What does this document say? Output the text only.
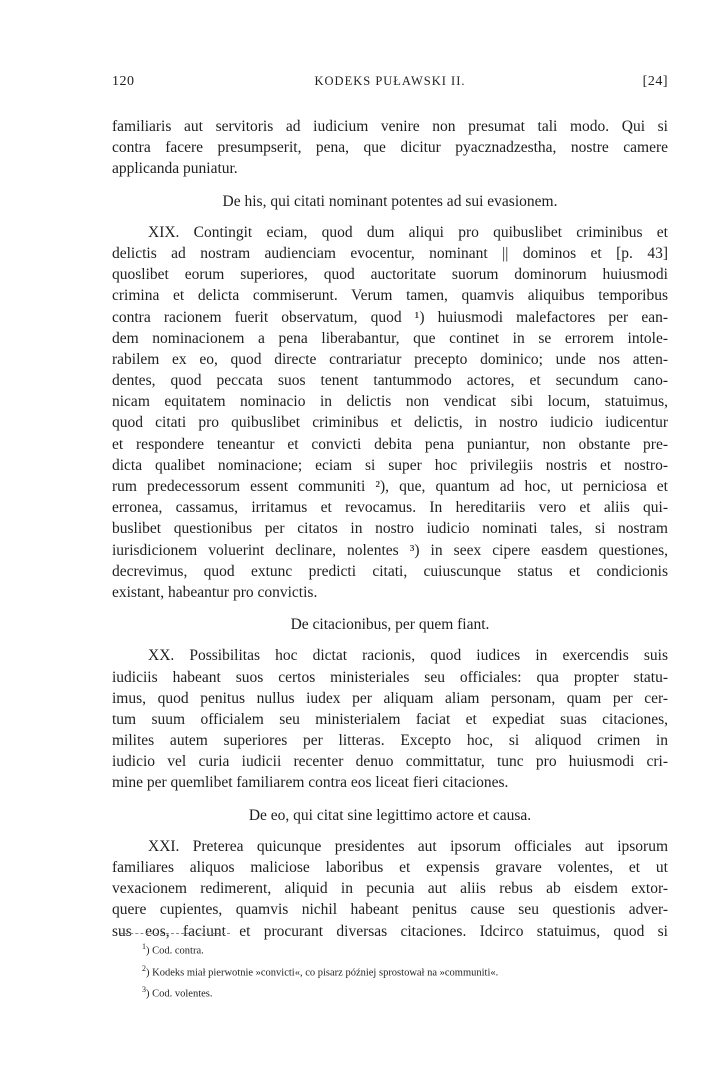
120	KODEKS PUŁAWSKI II.	[24]
familiaris aut servitoris ad iudicium venire non presumat tali modo. Qui si
contra facere presumpserit, pena, que dicitur pyacznadzestha, nostre camere
applicanda puniatur.
De his, qui citati nominant potentes ad sui evasionem.
XIX. Contingit eciam, quod dum aliqui pro quibuslibet criminibus et
delictis ad nostram audienciam evocentur, nominant || dominos et [p. 43]
quoslibet eorum superiores, quod auctoritate suorum dominorum huiusmodi
crimina et delicta commiserunt. Verum tamen, quamvis aliquibus temporibus
contra racionem fuerit observatum, quod ¹) huiusmodi malefactores per ean-
dem nominacionem a pena liberabantur, que continet in se errorem intole-
rabilem ex eo, quod directe contrariatur precepto dominico; unde nos atten-
dentes, quod peccata suos tenent tantummodo actores, et secundum cano-
nicam equitatem nominacio in delictis non vendicat sibi locum, statuimus,
quod citati pro quibuslibet criminibus et delictis, in nostro iudicio iudicentur
et respondere teneantur et convicti debita pena puniantur, non obstante pre-
dicta qualibet nominacione; eciam si super hoc privilegiis nostris et nostro-
rum predecessorum essent communiti ²), que, quantum ad hoc, ut perniciosa et
erronea, cassamus, irritamus et revocamus. In hereditariis vero et aliis qui-
buslibet questionibus per citatos in nostro iudicio nominati tales, si nostram
iurisdicionem voluerint declinare, nolentes ³) in seex cipere easdem questiones,
decrevimus, quod extunc predicti citati, cuiuscunque status et condicionis
existant, habeantur pro convictis.
De citacionibus, per quem fiant.
XX. Possibilitas hoc dictat racionis, quod iudices in exercendis suis
iudiciis habeant suos certos ministeriales seu officiales: qua propter statu-
imus, quod penitus nullus iudex per aliquam aliam personam, quam per cer-
tum suum officialem seu ministerialem faciat et expediat suas citaciones,
milites autem superiores per litteras. Excepto hoc, si aliquod crimen in
iudicio vel curia iudicii recenter denuo committatur, tunc pro huiusmodi cri-
mine per quemlibet familiarem contra eos liceat fieri citaciones.
De eo, qui citat sine legittimo actore et causa.
XXI. Preterea quicunque presidentes aut ipsorum officiales aut ipsorum
familiares aliquos maliciose laboribus et expensis gravare volentes, et ut
vexacionem redimerent, aliquid in pecunia aut aliis rebus ab eisdem extor-
quere cupientes, quamvis nichil habeant penitus cause seu questionis adver-
sus eos, faciunt et procurant diversas citaciones. Idcirco statuimus, quod si
$^1$) Cod. contra.
$^2$) Kodeks miał pierwotnie »convicti«, co pisarz później sprostował na »communiti«.
$^3$) Cod. volentes.
